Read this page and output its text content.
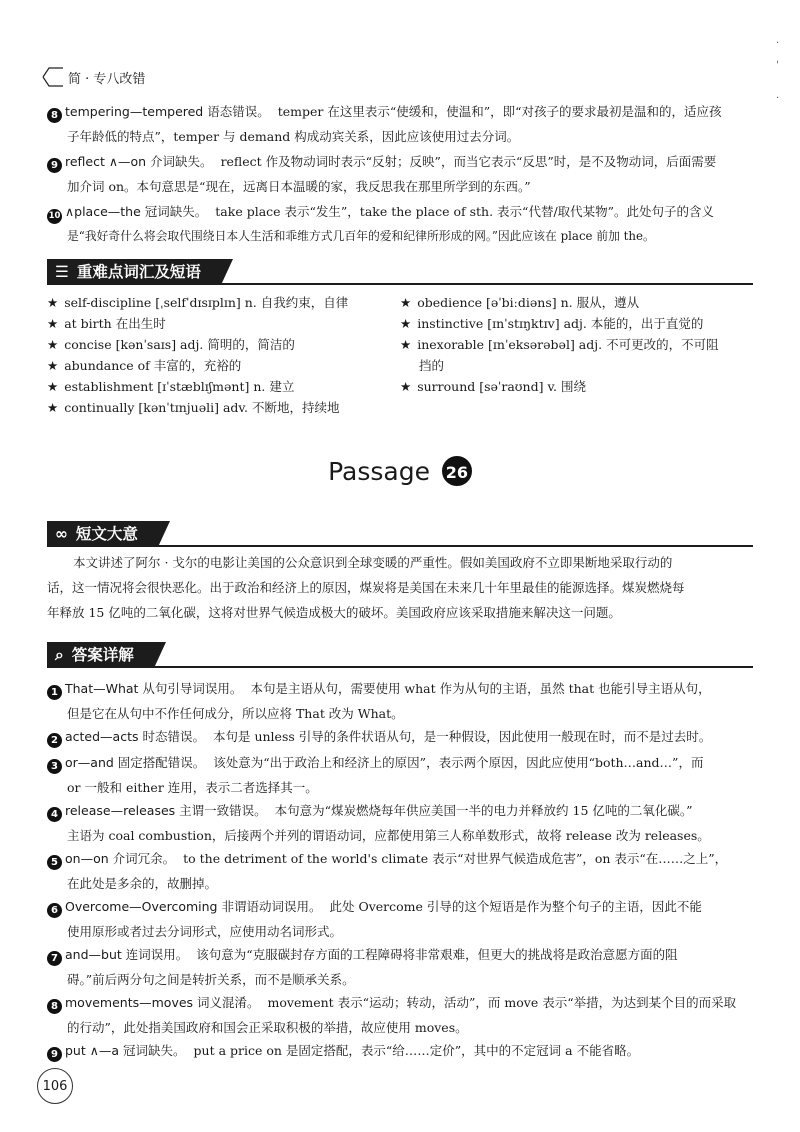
·

'

·
简 · 专八改错
8 tempering—tempered 语态错误。 temper 在这里表示“使缓和，使温和”，即“对孩子的要求最初是温和的，适应孩
子年龄低的特点”，temper 与 demand 构成动宾关系，因此应该使用过去分词。
9 reflect ∧—on 介词缺失。 reflect 作及物动词时表示“反射；反映”，而当它表示“反思”时，是不及物动词，后面需要
加介词 on。本句意思是“现在，远离日本温暖的家，我反思我在那里所学到的东西。”
10 ∧place—the 冠词缺失。 take place 表示“发生”，take the place of sth. 表示“代替/取代某物”。此处句子的含义
是“我好奇什么将会取代围绕日本人生活和乖维方式几百年的爱和纪律所形成的网。”因此应该在 place 前加 the。
☰ 重难点词汇及短语
★ self-discipline [ˌselfˈdɪsɪplɪn] n. 自我约束，自律
★ at birth 在出生时
★ concise [kənˈsaɪs] adj. 简明的，简洁的
★ abundance of 丰富的，充裕的
★ establishment [ɪˈstæblɪʃmənt] n. 建立
★ continually [kənˈtɪnjuəli] adv. 不断地，持续地
★ obedience [əˈbiːdiəns] n. 服从，遵从
★ instinctive [ɪnˈstɪŋktɪv] adj. 本能的，出于直觉的
★ inexorable [ɪnˈeksərəbəl] adj. 不可更改的，不可阻
挡的
★ surround [səˈraʊnd] v. 围绕
Passage 26
∞ 短文大意
本文讲述了阿尔 · 戈尔的电影让美国的公众意识到全球变暖的严重性。假如美国政府不立即果断地采取行动的
话，这一情况将会很快恶化。出于政治和经济上的原因，煤炭将是美国在未来几十年里最佳的能源选择。煤炭燃烧每
年释放 15 亿吨的二氧化碳，这将对世界气候造成极大的破坏。美国政府应该采取措施来解决这一问题。
⌕ 答案详解
1 That—What 从句引导词误用。 本句是主语从句，需要使用 what 作为从句的主语，虽然 that 也能引导主语从句，
但是它在从句中不作任何成分，所以应将 That 改为 What。
2 acted—acts 时态错误。 本句是 unless 引导的条件状语从句，是一种假设，因此使用一般现在时，而不是过去时。
3 or—and 固定搭配错误。 该处意为“出于政治上和经济上的原因”，表示两个原因，因此应使用“both…and…”，而
or 一般和 either 连用，表示二者选择其一。
4 release—releases 主谓一致错误。 本句意为“煤炭燃烧每年供应美国一半的电力并释放约 15 亿吨的二氧化碳。”
主语为 coal combustion，后接两个并列的谓语动词，应都使用第三人称单数形式，故将 release 改为 releases。
5 on—on 介词冗余。 to the detriment of the world's climate 表示“对世界气候造成危害”，on 表示“在……之上”，
在此处是多余的，故删掉。
6 Overcome—Overcoming 非谓语动词误用。 此处 Overcome 引导的这个短语是作为整个句子的主语，因此不能
使用原形或者过去分词形式，应使用动名词形式。
7 and—but 连词误用。 该句意为“克服碳封存方面的工程障碍将非常艰难，但更大的挑战将是政治意愿方面的阻
碍。”前后两分句之间是转折关系，而不是顺承关系。
8 movements—moves 词义混淆。 movement 表示“运动；转动，活动”，而 move 表示“举措，为达到某个目的而采取
的行动”，此处指美国政府和国会正采取积极的举措，故应使用 moves。
9 put ∧—a 冠词缺失。 put a price on 是固定搭配，表示“给……定价”，其中的不定冠词 a 不能省略。
106
